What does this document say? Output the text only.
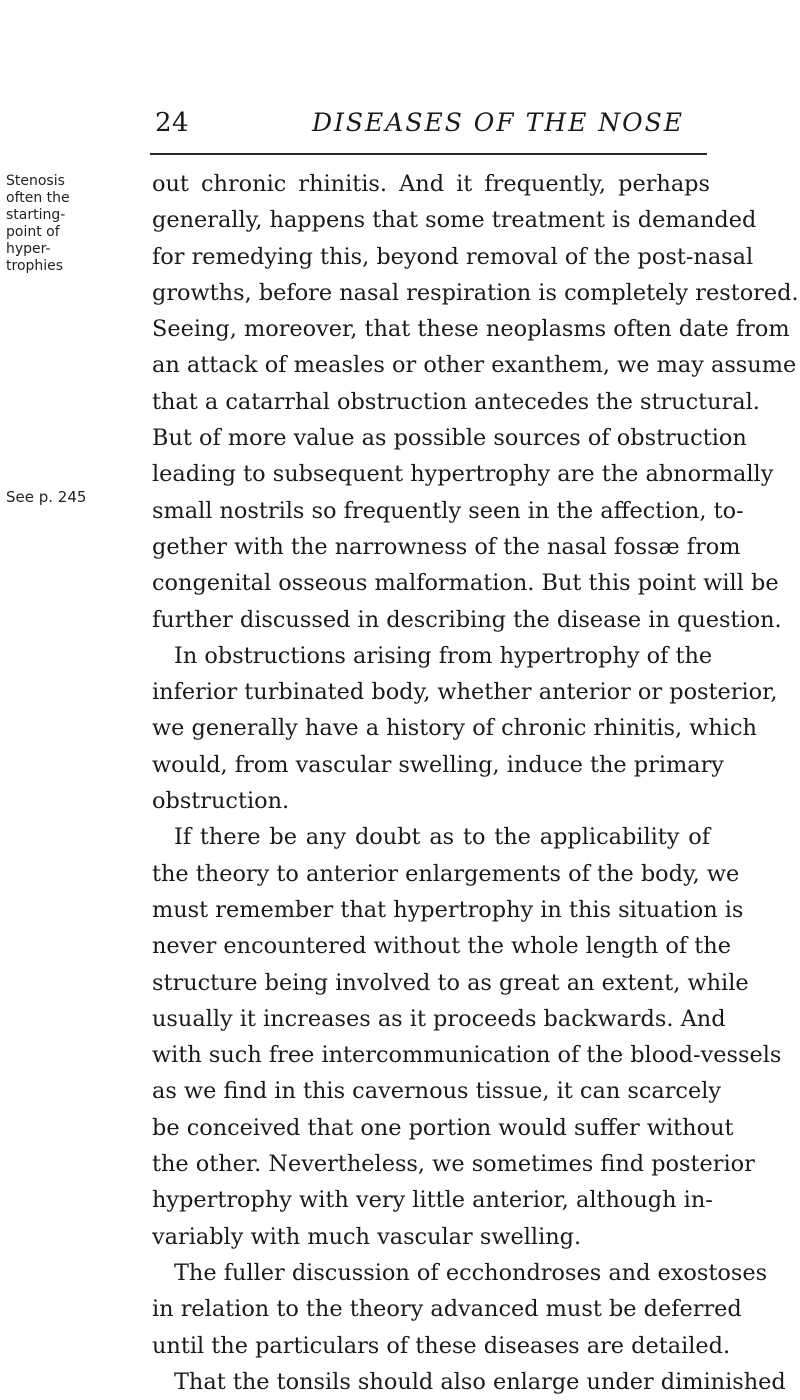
24	DISEASES OF THE NOSE
Stenosis
often the
starting-
point of
hyper-
trophies
See p. 245
out chronic rhinitis. And it frequently, perhaps
generally, happens that some treatment is demanded
for remedying this, beyond removal of the post-nasal
growths, before nasal respiration is completely restored.
Seeing, moreover, that these neoplasms often date from
an attack of measles or other exanthem, we may assume
that a catarrhal obstruction antecedes the structural.
But of more value as possible sources of obstruction
leading to subsequent hypertrophy are the abnormally
small nostrils so frequently seen in the affection, to-
gether with the narrowness of the nasal fossæ from
congenital osseous malformation. But this point will be
further discussed in describing the disease in question.
In obstructions arising from hypertrophy of the
inferior turbinated body, whether anterior or posterior,
we generally have a history of chronic rhinitis, which
would, from vascular swelling, induce the primary
obstruction.
If there be any doubt as to the applicability of
the theory to anterior enlargements of the body, we
must remember that hypertrophy in this situation is
never encountered without the whole length of the
structure being involved to as great an extent, while
usually it increases as it proceeds backwards. And
with such free intercommunication of the blood-vessels
as we find in this cavernous tissue, it can scarcely
be conceived that one portion would suffer without
the other. Nevertheless, we sometimes find posterior
hypertrophy with very little anterior, although in-
variably with much vascular swelling.
The fuller discussion of ecchondroses and exostoses
in relation to the theory advanced must be deferred
until the particulars of these diseases are detailed.
That the tonsils should also enlarge under diminished
